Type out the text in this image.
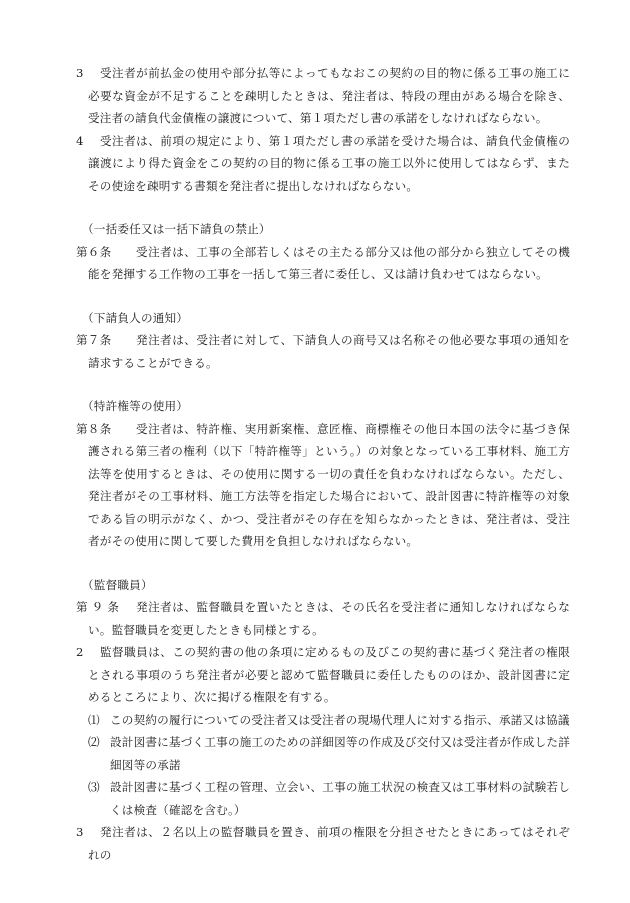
3	受注者が前払金の使用や部分払等によってもなおこの契約の目的物に係る工事の施工に必要な資金が不足することを疎明したときは、発注者は、特段の理由がある場合を除き、受注者の請負代金債権の譲渡について、第１項ただし書の承諾をしなければならない。
4	受注者は、前項の規定により、第１項ただし書の承諾を受けた場合は、請負代金債権の譲渡により得た資金をこの契約の目的物に係る工事の施工以外に使用してはならず、またその使途を疎明する書類を発注者に提出しなければならない。
（一括委任又は一括下請負の禁止）
第６条	受注者は、工事の全部若しくはその主たる部分又は他の部分から独立してその機能を発揮する工作物の工事を一括して第三者に委任し、又は請け負わせてはならない。
（下請負人の通知）
第７条	発注者は、受注者に対して、下請負人の商号又は名称その他必要な事項の通知を請求することができる。
（特許権等の使用）
第８条	受注者は、特許権、実用新案権、意匠権、商標権その他日本国の法令に基づき保護される第三者の権利（以下「特許権等」という。）の対象となっている工事材料、施工方法等を使用するときは、その使用に関する一切の責任を負わなければならない。ただし、発注者がその工事材料、施工方法等を指定した場合において、設計図書に特許権等の対象である旨の明示がなく、かつ、受注者がその存在を知らなかったときは、発注者は、受注者がその使用に関して要した費用を負担しなければならない。
（監督職員）
第 ９ 条	発注者は、監督職員を置いたときは、その氏名を受注者に通知しなければならない。監督職員を変更したときも同様とする。
2	監督職員は、この契約書の他の条項に定めるもの及びこの契約書に基づく発注者の権限とされる事項のうち発注者が必要と認めて監督職員に委任したもののほか、設計図書に定めるところにより、次に掲げる権限を有する。
⑴ この契約の履行についての受注者又は受注者の現場代理人に対する指示、承諾又は協議
⑵ 設計図書に基づく工事の施工のための詳細図等の作成及び交付又は受注者が作成した詳細図等の承諾
⑶ 設計図書に基づく工程の管理、立会い、工事の施工状況の検査又は工事材料の試験若しくは検査（確認を含む。）
3	発注者は、２名以上の監督職員を置き、前項の権限を分担させたときにあってはそれぞれの
